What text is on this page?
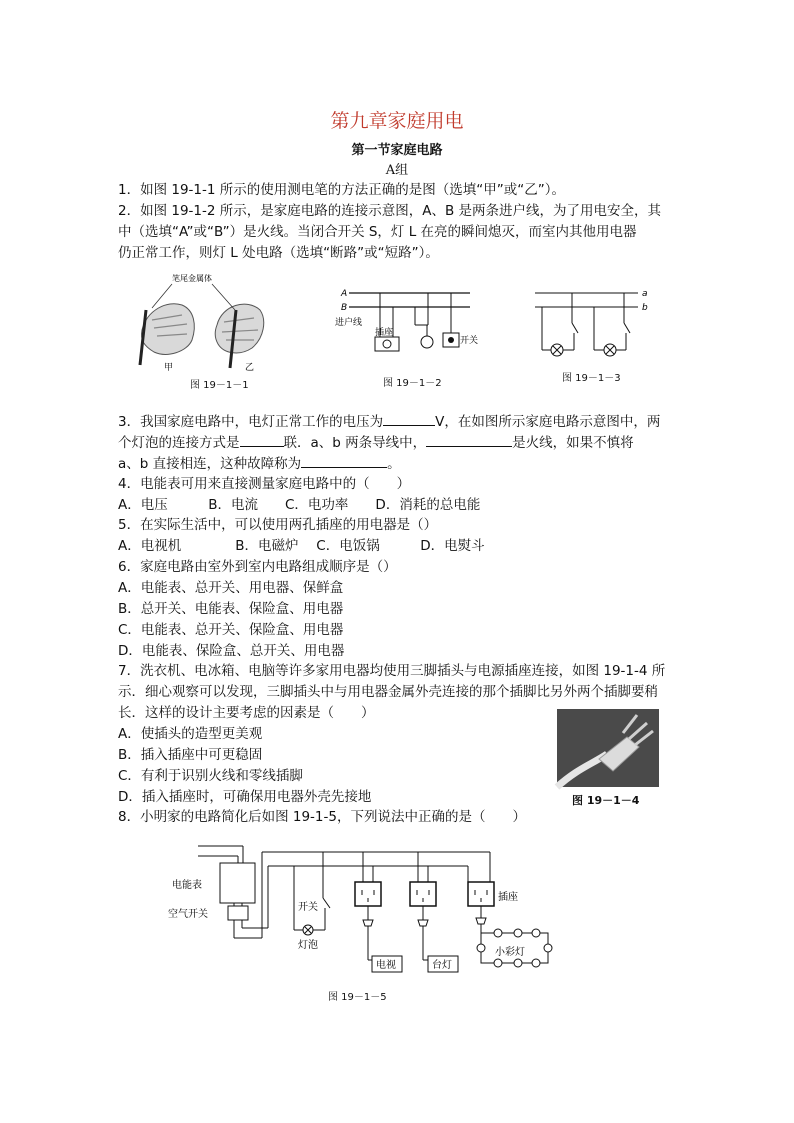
第九章家庭用电
第一节家庭电路
A组
1．如图 19-1-1 所示的使用测电笔的方法正确的是图（选填“甲”或“乙”）。
2．如图 19-1-2 所示，是家庭电路的连接示意图，A、B 是两条进户线，为了用电安全，其
中（选填“A”或“B”）是火线。当闭合开关 S，灯 L 在亮的瞬间熄灭，而室内其他用电器
仍正常工作，则灯 L 处电路（选填“断路”或“短路”）。
笔尾金属体
甲	乙
图 19－1－1
A
B
进户线
插座
开关
图 19－1－2
a
b
图 19－1－3
3．我国家庭电路中，电灯正常工作的电压为	V，在如图所示家庭电路示意图中，两
个灯泡的连接方式是	联．a、b 两条导线中，	是火线，如果不慎将
a、b 直接相连，这种故障称为	。
4．电能表可用来直接测量家庭电路中的（　　）
A．电压　　　B．电流　　C．电功率　　D．消耗的总电能
5．在实际生活中，可以使用两孔插座的用电器是（）
A．电视机　　　　B．电磁炉　 C．电饭锅　　　D．电熨斗
6．家庭电路由室外到室内电路组成顺序是（）
A．电能表、总开关、用电器、保鲜盒
B．总开关、电能表、保险盒、用电器
C．电能表、总开关、保险盒、用电器
D．电能表、保险盒、总开关、用电器
7．洗衣机、电冰箱、电脑等许多家用电器均使用三脚插头与电源插座连接，如图 19-1-4 所
示．细心观察可以发现，三脚插头中与用电器金属外壳连接的那个插脚比另外两个插脚要稍
长．这样的设计主要考虑的因素是（　　）
A．使插头的造型更美观
B．插入插座中可更稳固
C．有利于识别火线和零线插脚
D．插入插座时，可确保用电器外壳先接地	图 19－1－4
8．小明家的电路简化后如图 19-1-5，下列说法中正确的是（　　）
电能表
空气开关
开关
灯泡
电视	台灯
插座
小彩灯
图 19－1－5
